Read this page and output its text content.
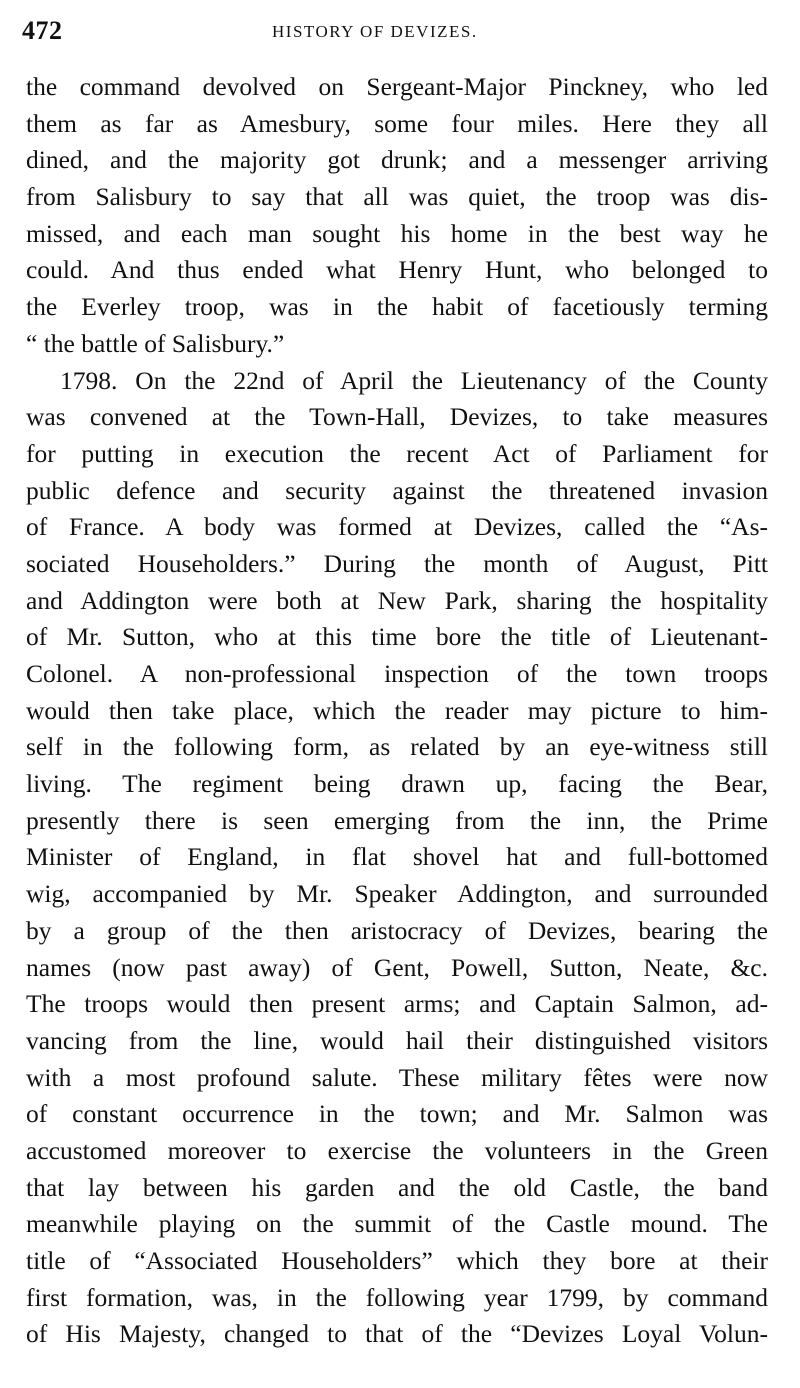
472	HISTORY OF DEVIZES.
the command devolved on Sergeant-Major Pinckney, who led
them as far as Amesbury, some four miles. Here they all
dined, and the majority got drunk; and a messenger arriving
from Salisbury to say that all was quiet, the troop was dis-
missed, and each man sought his home in the best way he
could. And thus ended what Henry Hunt, who belonged to
the Everley troop, was in the habit of facetiously terming
“ the battle of Salisbury.”
1798. On the 22nd of April the Lieutenancy of the County
was convened at the Town-Hall, Devizes, to take measures
for putting in execution the recent Act of Parliament for
public defence and security against the threatened invasion
of France. A body was formed at Devizes, called the “As-
sociated Householders.” During the month of August, Pitt
and Addington were both at New Park, sharing the hospitality
of Mr. Sutton, who at this time bore the title of Lieutenant-
Colonel. A non-professional inspection of the town troops
would then take place, which the reader may picture to him-
self in the following form, as related by an eye-witness still
living. The regiment being drawn up, facing the Bear,
presently there is seen emerging from the inn, the Prime
Minister of England, in flat shovel hat and full-bottomed
wig, accompanied by Mr. Speaker Addington, and surrounded
by a group of the then aristocracy of Devizes, bearing the
names (now past away) of Gent, Powell, Sutton, Neate, &c.
The troops would then present arms; and Captain Salmon, ad-
vancing from the line, would hail their distinguished visitors
with a most profound salute. These military fêtes were now
of constant occurrence in the town; and Mr. Salmon was
accustomed moreover to exercise the volunteers in the Green
that lay between his garden and the old Castle, the band
meanwhile playing on the summit of the Castle mound. The
title of “Associated Householders” which they bore at their
first formation, was, in the following year 1799, by command
of His Majesty, changed to that of the “Devizes Loyal Volun-
